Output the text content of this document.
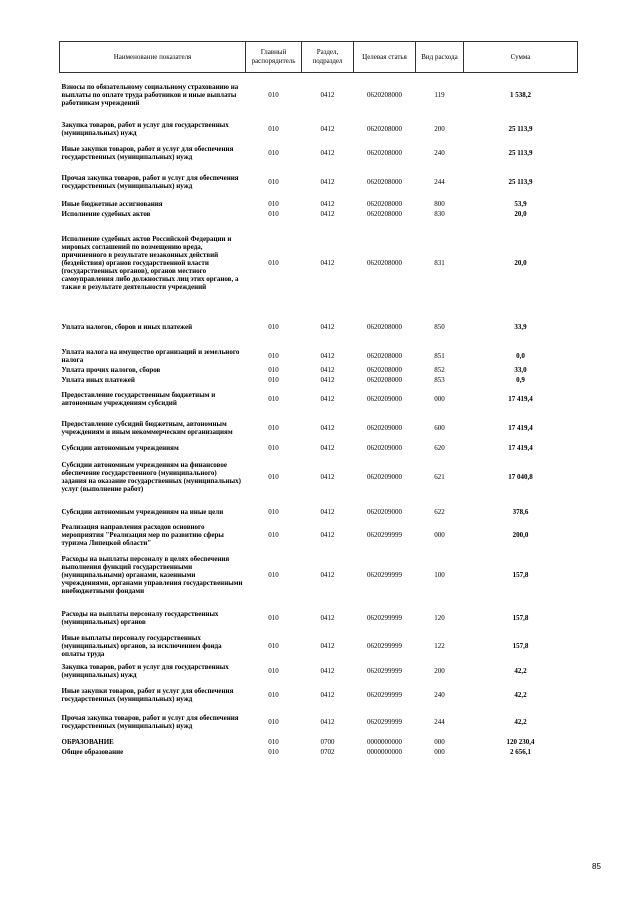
Наименование показателя	Главный распорядитель	Раздел, подраздел	Целевая статья	Вид расхода	Сумма
Взносы по обязательному социальному страхованию на выплаты по оплате труда работников и иные выплаты работникам учреждений	010	0412	0620208000	119	1 538,2
Закупка товаров, работ и услуг для государственных (муниципальных) нужд	010	0412	0620208000	200	25 113,9
Иные закупки товаров, работ и услуг для обеспечения государственных (муниципальных) нужд	010	0412	0620208000	240	25 113,9
Прочая закупка товаров, работ и услуг для обеспечения государственных (муниципальных) нужд	010	0412	0620208000	244	25 113,9
Иные бюджетные ассигнования	010	0412	0620208000	800	53,9
Исполнение судебных актов	010	0412	0620208000	830	20,0
Исполнение судебных актов Российской Федерации и мировых соглашений по возмещению вреда, причиненного в результате незаконных действий (бездействия) органов государственной власти (государственных органов), органов местного самоуправления либо должностных лиц этих органов, а также в результате деятельности учреждений	010	0412	0620208000	831	20,0
Уплата налогов, сборов и иных платежей	010	0412	0620208000	850	33,9
Уплата налога на имущество организаций и земельного налога	010	0412	0620208000	851	0,0
Уплата прочих налогов, сборов	010	0412	0620208000	852	33,0
Уплата иных платежей	010	0412	0620208000	853	0,9
Предоставление государственным бюджетным и автономным учреждениям субсидий	010	0412	0620209000	000	17 419,4
Предоставление субсидий бюджетным, автономным учреждениям и иным некоммерческим организациям	010	0412	0620209000	600	17 419,4
Субсидии автономным учреждениям	010	0412	0620209000	620	17 419,4
Субсидии автономным учреждениям на финансовое обеспечение государственного (муниципального) задания на оказание государственных (муниципальных) услуг (выполнение работ)	010	0412	0620209000	621	17 040,8
Субсидии автономным учреждениям на иные цели	010	0412	0620209000	622	378,6
Реализация направления расходов основного мероприятия "Реализация мер по развитию сферы туризма Липецкой области"	010	0412	0620299999	000	200,0
Расходы на выплаты персоналу в целях обеспечения выполнения функций государственными (муниципальными) органами, казенными учреждениями, органами управления государственными внебюджетными фондами	010	0412	0620299999	100	157,8
Расходы на выплаты персоналу государственных (муниципальных) органов	010	0412	0620299999	120	157,8
Иные выплаты персоналу государственных (муниципальных) органов, за исключением фонда оплаты труда	010	0412	0620299999	122	157,8
Закупка товаров, работ и услуг для государственных (муниципальных) нужд	010	0412	0620299999	200	42,2
Иные закупки товаров, работ и услуг для обеспечения государственных (муниципальных) нужд	010	0412	0620299999	240	42,2
Прочая закупка товаров, работ и услуг для обеспечения государственных (муниципальных) нужд	010	0412	0620299999	244	42,2
ОБРАЗОВАНИЕ	010	0700	0000000000	000	120 230,4
Общее образование	010	0702	0000000000	000	2 656,1
85
